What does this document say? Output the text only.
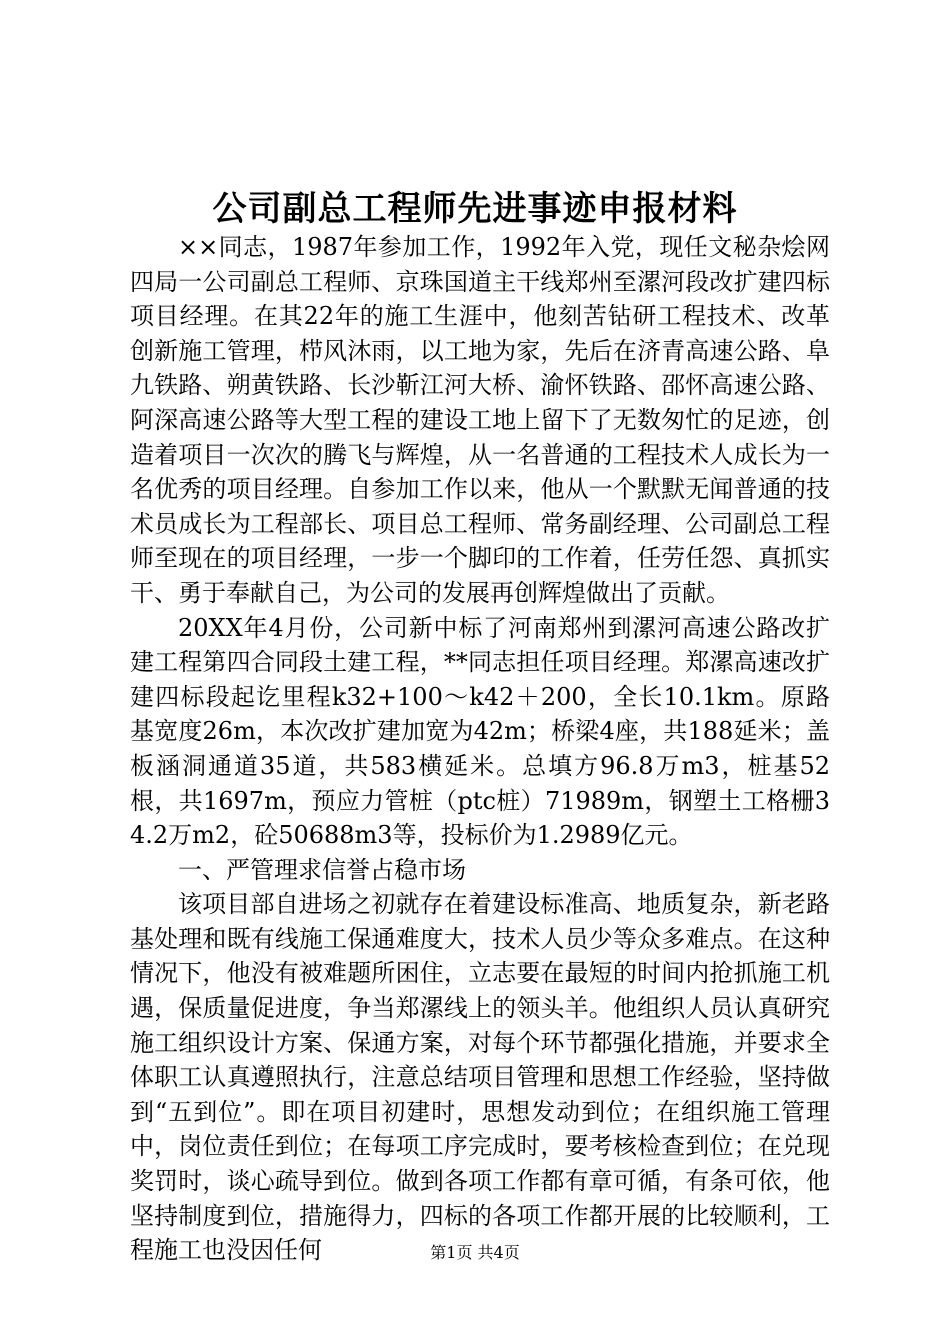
公司副总工程师先进事迹申报材料

××同志，1987年参加工作，1992年入党，现任文秘杂烩网四局一公司副总工程师、京珠国道主干线郑州至漯河段改扩建四标项目经理。在其22年的施工生涯中，他刻苦钻研工程技术、改革创新施工管理，栉风沐雨，以工地为家，先后在济青高速公路、阜九铁路、朔黄铁路、长沙靳江河大桥、渝怀铁路、邵怀高速公路、阿深高速公路等大型工程的建设工地上留下了无数匆忙的足迹，创造着项目一次次的腾飞与辉煌，从一名普通的工程技术人成长为一名优秀的项目经理。自参加工作以来，他从一个默默无闻普通的技术员成长为工程部长、项目总工程师、常务副经理、公司副总工程师至现在的项目经理，一步一个脚印的工作着，任劳任怨、真抓实干、勇于奉献自己，为公司的发展再创辉煌做出了贡献。

20XX年4月份，公司新中标了河南郑州到漯河高速公路改扩建工程第四合同段土建工程，**同志担任项目经理。郑漯高速改扩建四标段起讫里程k32+100～k42＋200，全长10.1km。原路基宽度26m，本次改扩建加宽为42m；桥梁4座，共188延米；盖板涵洞通道35道，共583横延米。总填方96.8万m3，桩基52根，共1697m，预应力管桩（ptc桩）71989m，钢塑土工格栅34.2万m2，砼50688m3等，投标价为1.2989亿元。

一、严管理求信誉占稳市场

该项目部自进场之初就存在着建设标准高、地质复杂，新老路基处理和既有线施工保通难度大，技术人员少等众多难点。在这种情况下，他没有被难题所困住，立志要在最短的时间内抢抓施工机遇，保质量促进度，争当郑漯线上的领头羊。他组织人员认真研究施工组织设计方案、保通方案，对每个环节都强化措施，并要求全体职工认真遵照执行，注意总结项目管理和思想工作经验，坚持做到“五到位”。即在项目初建时，思想发动到位；在组织施工管理中，岗位责任到位；在每项工序完成时，要考核检查到位；在兑现奖罚时，谈心疏导到位。做到各项工作都有章可循，有条可依，他坚持制度到位，措施得力，四标的各项工作都开展的比较顺利，工程施工也没因任何	第1页 共4页
